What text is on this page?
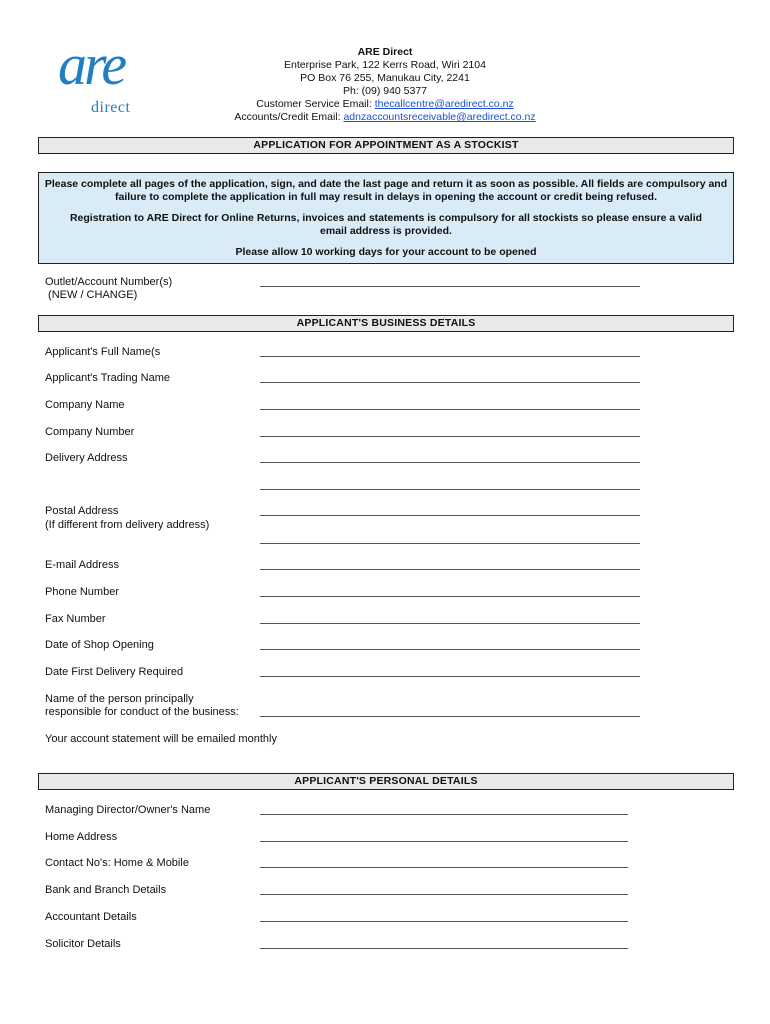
are
direct
ARE Direct
Enterprise Park, 122 Kerrs Road, Wiri 2104
PO Box 76 255, Manukau City, 2241
Ph: (09) 940 5377
Customer Service Email: thecallcentre@aredirect.co.nz
Accounts/Credit Email: adnzaccountsreceivable@aredirect.co.nz
APPLICATION FOR APPOINTMENT AS A STOCKIST

Please complete all pages of the application, sign, and date the last page and return it as soon as possible. All fields are compulsory and failure to complete the application in full may result in delays in opening the account or credit being refused.

Registration to ARE Direct for Online Returns, invoices and statements is compulsory for all stockists so please ensure a valid email address is provided.

Please allow 10 working days for your account to be opened

Outlet/Account Number(s)
(NEW / CHANGE)
APPLICANT'S BUSINESS DETAILS
Applicant's Full Name(s
Applicant's Trading Name
Company Name
Company Number
Delivery Address
Postal Address
(If different from delivery address)
E-mail Address
Phone Number
Fax Number
Date of Shop Opening
Date First Delivery Required
Name of the person principally
responsible for conduct of the business:
Your account statement will be emailed monthly
APPLICANT'S PERSONAL DETAILS
Managing Director/Owner's Name
Home Address
Contact No's: Home & Mobile
Bank and Branch Details
Accountant Details
Solicitor Details
